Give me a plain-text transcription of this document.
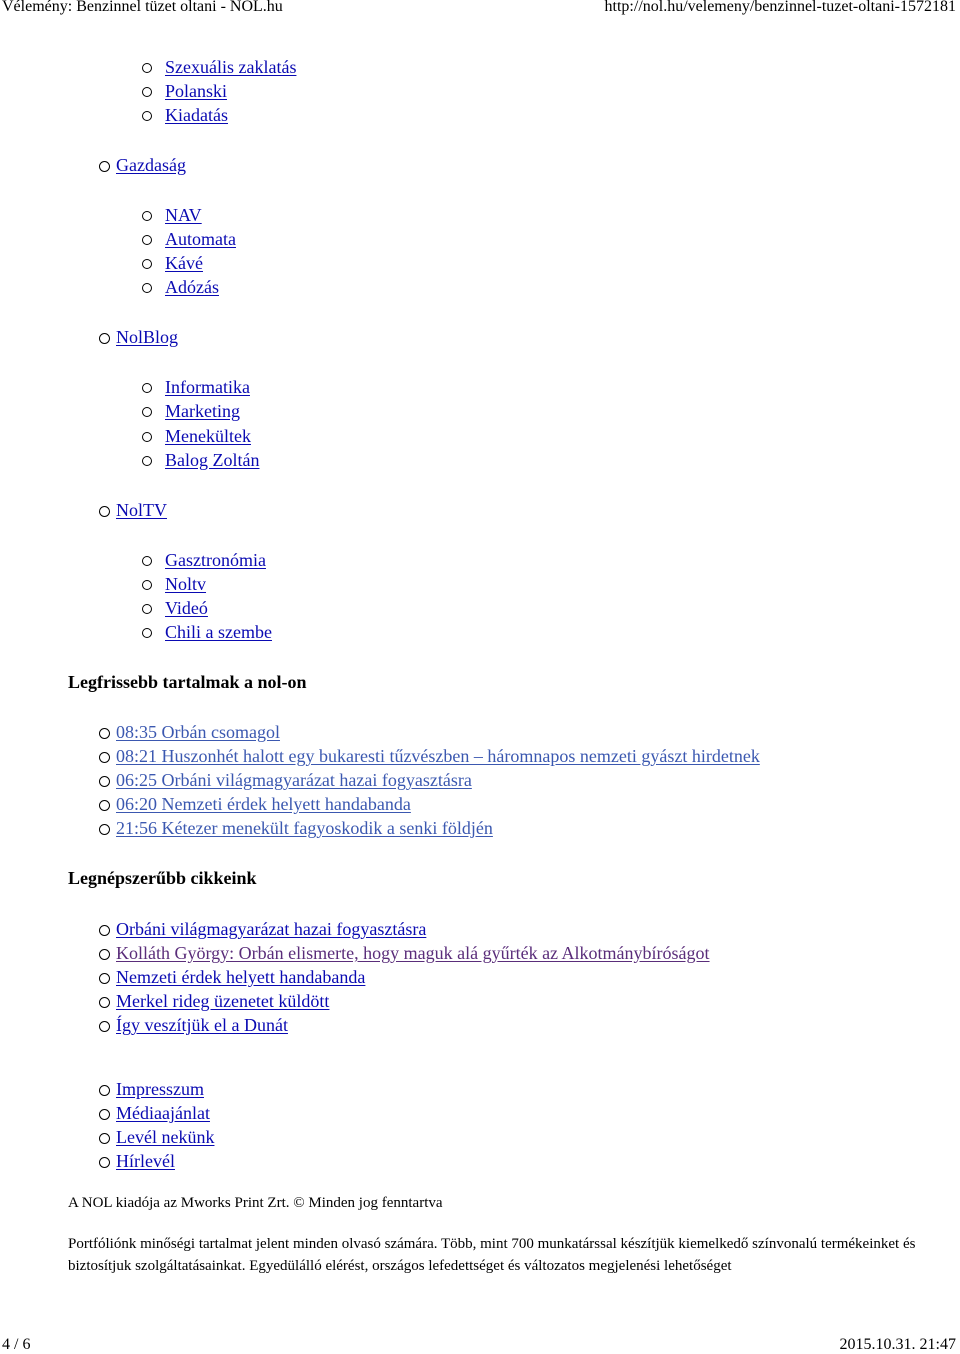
Vélemény: Benzinnel tüzet oltani - NOL.hu	http://nol.hu/velemeny/benzinnel-tuzet-oltani-1572181
Szexuális zaklatás
Polanski
Kiadatás
Gazdaság
NAV
Automata
Kávé
Adózás
NolBlog
Informatika
Marketing
Menekültek
Balog Zoltán
NolTV
Gasztronómia
Noltv
Videó
Chili a szembe
Legfrissebb tartalmak a nol-on
08:35 Orbán csomagol
08:21 Huszonhét halott egy bukaresti tűzvészben – háromnapos nemzeti gyászt hirdetnek
06:25 Orbáni világmagyarázat hazai fogyasztásra
06:20 Nemzeti érdek helyett handabanda
21:56 Kétezer menekült fagyoskodik a senki földjén
Legnépszerűbb cikkeink
Orbáni világmagyarázat hazai fogyasztásra
Kolláth György: Orbán elismerte, hogy maguk alá gyűrték az Alkotmánybíróságot
Nemzeti érdek helyett handabanda
Merkel rideg üzenetet küldött
Így veszítjük el a Dunát
Impresszum
Médiaajánlat
Levél nekünk
Hírlevél
A NOL kiadója az Mworks Print Zrt. © Minden jog fenntartva
Portfóliónk minőségi tartalmat jelent minden olvasó számára. Több, mint 700 munkatárssal készítjük kiemelkedő színvonalú termékeinket és biztosítjuk szolgáltatásainkat. Egyedülálló elérést, országos lefedettséget és változatos megjelenési lehetőséget
4 / 6	2015.10.31. 21:47
